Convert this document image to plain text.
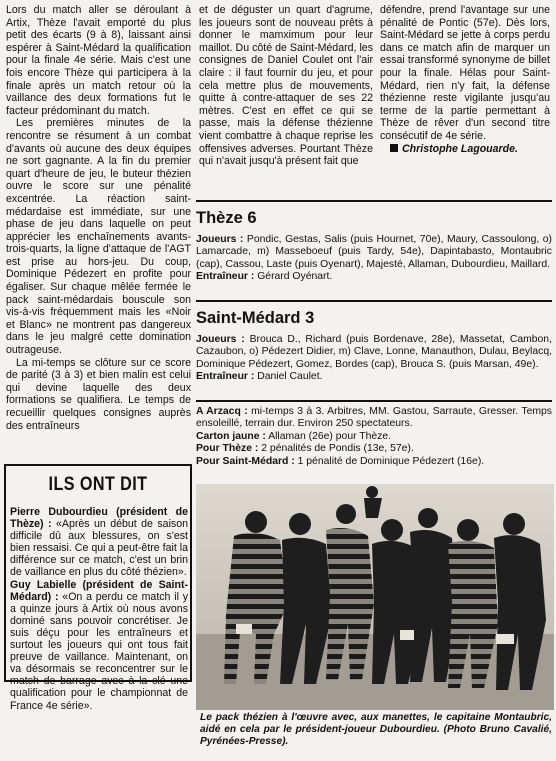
Lors du match aller se déroulant à Artix, Thèze l'avait emporté du plus petit des écarts (9 à 8), laissant ainsi espérer à Saint-Médard la qualification pour la finale 4e série. Mais c'est une fois encore Thèze qui participera à la finale après un match retour où la vaillance des deux formations fut le facteur prédominant du match.

Les premières minutes de la rencontre se résument à un combat d'avants où aucune des deux équipes ne sort gagnante. A la fin du premier quart d'heure de jeu, le buteur thézien ouvre le score sur une pénalité excentrée. La réaction saint-médardaise est immédiate, sur une phase de jeu dans laquelle on peut apprécier les enchaînements avants-trois-quarts, la ligne d'attaque de l'AGT est prise au hors-jeu. Du coup, Dominique Pédezert en profite pour égaliser. Sur chaque mêlée fermée le pack saint-médardais bouscule son vis-à-vis fréquemment mais les «Noir et Blanc» ne montrent pas dangereux dans le jeu malgré cette domination outrageuse.

La mi-temps se clôture sur ce score de parité (3 à 3) et bien malin est celui qui devine laquelle des deux formations se qualifiera. Le temps de recueillir quelques consignes auprès des entraîneurs

et de déguster un quart d'agrume, les joueurs sont de nouveau prêts à donner le mamximum pour leur maillot. Du côté de Saint-Médard, les consignes de Daniel Coulet ont l'air claire : il faut fournir du jeu, et pour cela mettre plus de mouvements, quitte à contre-attaquer de ses 22 mètres. C'est en effet ce qui se passe, mais la défense thézienne vient combattre à chaque reprise les offensives adverses. Pourtant Thèze qui n'avait jusqu'à présent fait que

défendre, prend l'avantage sur une pénalité de Pontic (57e). Dès lors, Saint-Médard se jette à corps perdu dans ce match afin de marquer un essai transformé synonyme de billet pour la finale. Hélas pour Saint-Médard, rien n'y fait, la défense thézienne reste vigilante jusqu'au terme de la partie permettant à Thèze de rêver d'un second titre consécutif de 4e série.

Christophe Lagouarde.

ILS ONT DIT

Pierre Dubourdieu (président de Thèze) : «Après un début de saison difficile dû aux blessures, on s'est bien ressaisi. Ce qui a peut-être fait la différence sur ce match, c'est un brin de vaillance en plus du côté thézien».

Guy Labielle (président de Saint-Médard) : «On a perdu ce match il y a quinze jours à Artix où nous avons dominé sans pouvoir concrétiser. Je suis déçu pour les entraîneurs et surtout les joueurs qui ont tous fait preuve de vaillance. Maintenant, on va désormais se reconcentrer sur le match de barrage avec à la clé une qualification pour le championnat de France 4e série».

Thèze 6

Joueurs : Pondic, Gestas, Salis (puis Hournet, 70e), Maury, Cassoulong, o) Lamarcade, m) Masseboeuf (puis Tardy, 54e), Dapintabasto, Montaubric (cap), Cassou, Laste (puis Oyenart), Majesté, Allaman, Dubourdieu, Maillard.

Entraîneur : Gérard Oyénart.

Saint-Médard 3

Joueurs : Brouca D., Richard (puis Bordenave, 28e), Massetat, Cambon, Cazaubon, o) Pédezert Didier, m) Clave, Lonne, Manauthon, Dulau, Beylacq, Dominique Pédezert, Gomez, Bordes (cap), Brouca S. (puis Marsan, 49e).

Entraîneur : Daniel Caulet.

A Arzacq : mi-temps 3 à 3. Arbitres, MM. Gastou, Sarraute, Gresser. Temps ensoleillé, terrain dur. Environ 250 spectateurs.

Carton jaune : Allaman (26e) pour Thèze.

Pour Thèze : 2 pénalités de Pondis (13e, 57e).

Pour Saint-Médard : 1 pénalité de Dominique Pédezert (16e).

Le pack thézien à l'œuvre avec, aux manettes, le capitaine Montaubric, aidé en cela par le président-joueur Dubourdieu. (Photo Bruno Cavalié, Pyrénées-Presse).
